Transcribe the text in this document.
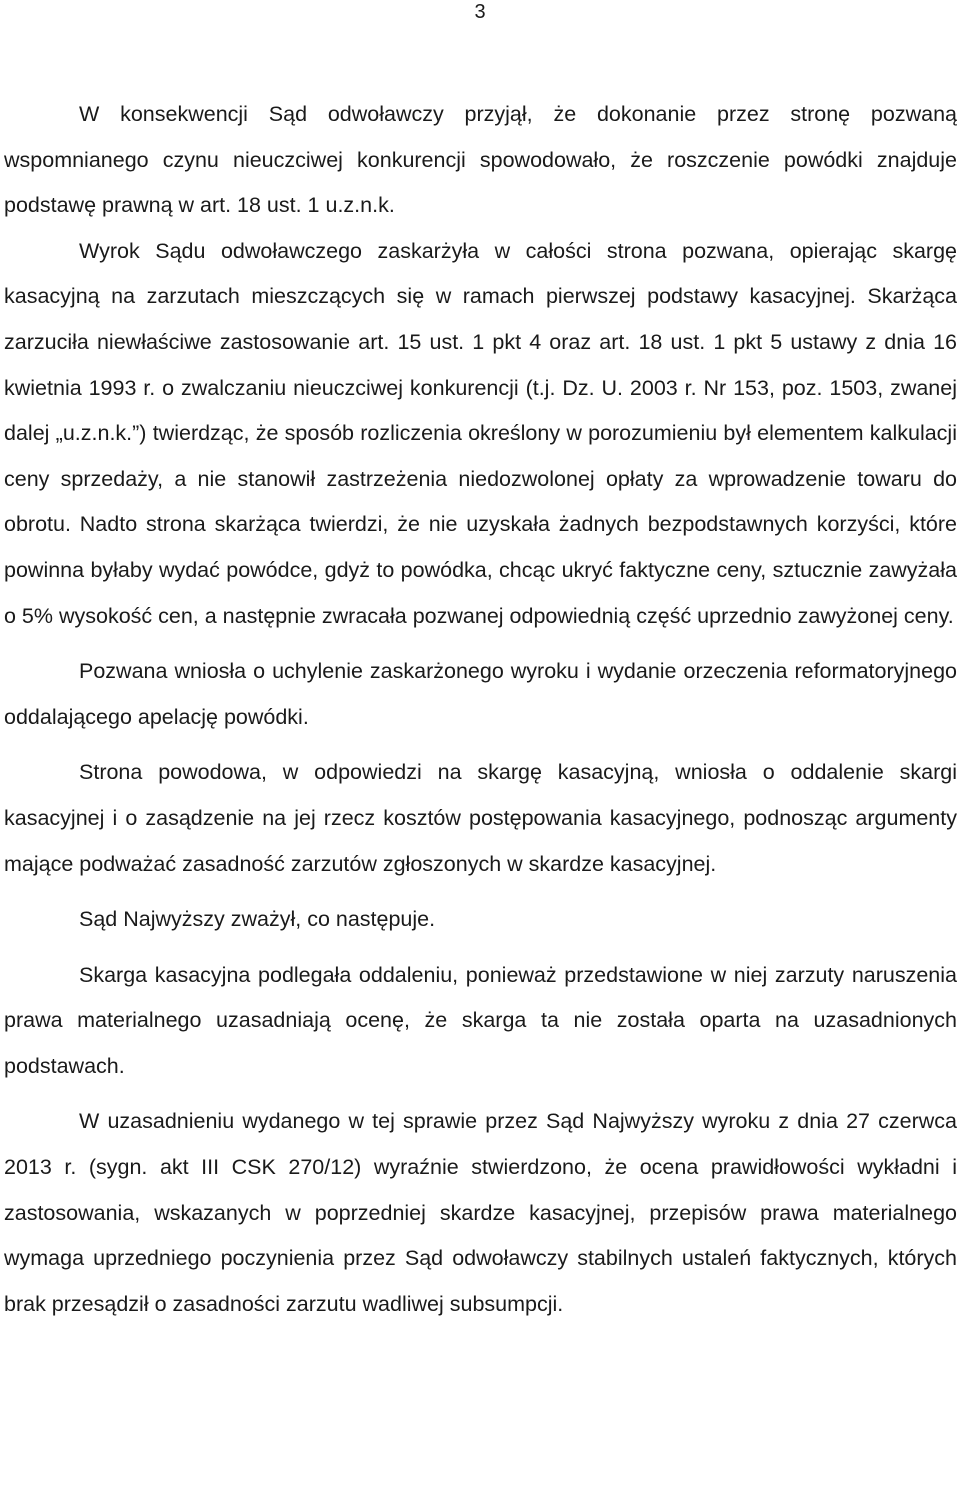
3

W konsekwencji Sąd odwoławczy przyjął, że dokonanie przez stronę pozwaną wspomnianego czynu nieuczciwej konkurencji spowodowało, że roszczenie powódki znajduje podstawę prawną w art. 18 ust. 1 u.z.n.k.

Wyrok Sądu odwoławczego zaskarżyła w całości strona pozwana, opierając skargę kasacyjną na zarzutach mieszczących się w ramach pierwszej podstawy kasacyjnej. Skarżąca zarzuciła niewłaściwe zastosowanie art. 15 ust. 1 pkt 4 oraz art. 18 ust. 1 pkt 5 ustawy z dnia 16 kwietnia 1993 r. o zwalczaniu nieuczciwej konkurencji (t.j. Dz. U. 2003 r. Nr 153, poz. 1503, zwanej dalej „u.z.n.k.”) twierdząc, że sposób rozliczenia określony w porozumieniu był elementem kalkulacji ceny sprzedaży, a nie stanowił zastrzeżenia niedozwolonej opłaty za wprowadzenie towaru do obrotu. Nadto strona skarżąca twierdzi, że nie uzyskała żadnych bezpodstawnych korzyści, które powinna byłaby wydać powódce, gdyż to powódka, chcąc ukryć faktyczne ceny, sztucznie zawyżała o 5% wysokość cen, a następnie zwracała pozwanej odpowiednią część uprzednio zawyżonej ceny.

Pozwana wniosła o uchylenie zaskarżonego wyroku i wydanie orzeczenia reformatoryjnego oddalającego apelację powódki.

Strona powodowa, w odpowiedzi na skargę kasacyjną, wniosła o oddalenie skargi kasacyjnej i o zasądzenie na jej rzecz kosztów postępowania kasacyjnego, podnosząc argumenty mające podważać zasadność zarzutów zgłoszonych w skardze kasacyjnej.

Sąd Najwyższy zważył, co następuje.

Skarga kasacyjna podlegała oddaleniu, ponieważ przedstawione w niej zarzuty naruszenia prawa materialnego uzasadniają ocenę, że skarga ta nie została oparta na uzasadnionych podstawach.

W uzasadnieniu wydanego w tej sprawie przez Sąd Najwyższy wyroku z dnia 27 czerwca 2013 r. (sygn. akt III CSK 270/12) wyraźnie stwierdzono, że ocena prawidłowości wykładni i zastosowania, wskazanych w poprzedniej skardze kasacyjnej, przepisów prawa materialnego wymaga uprzedniego poczynienia przez Sąd odwoławczy stabilnych ustaleń faktycznych, których brak przesądził o zasadności zarzutu wadliwej subsumpcji.
